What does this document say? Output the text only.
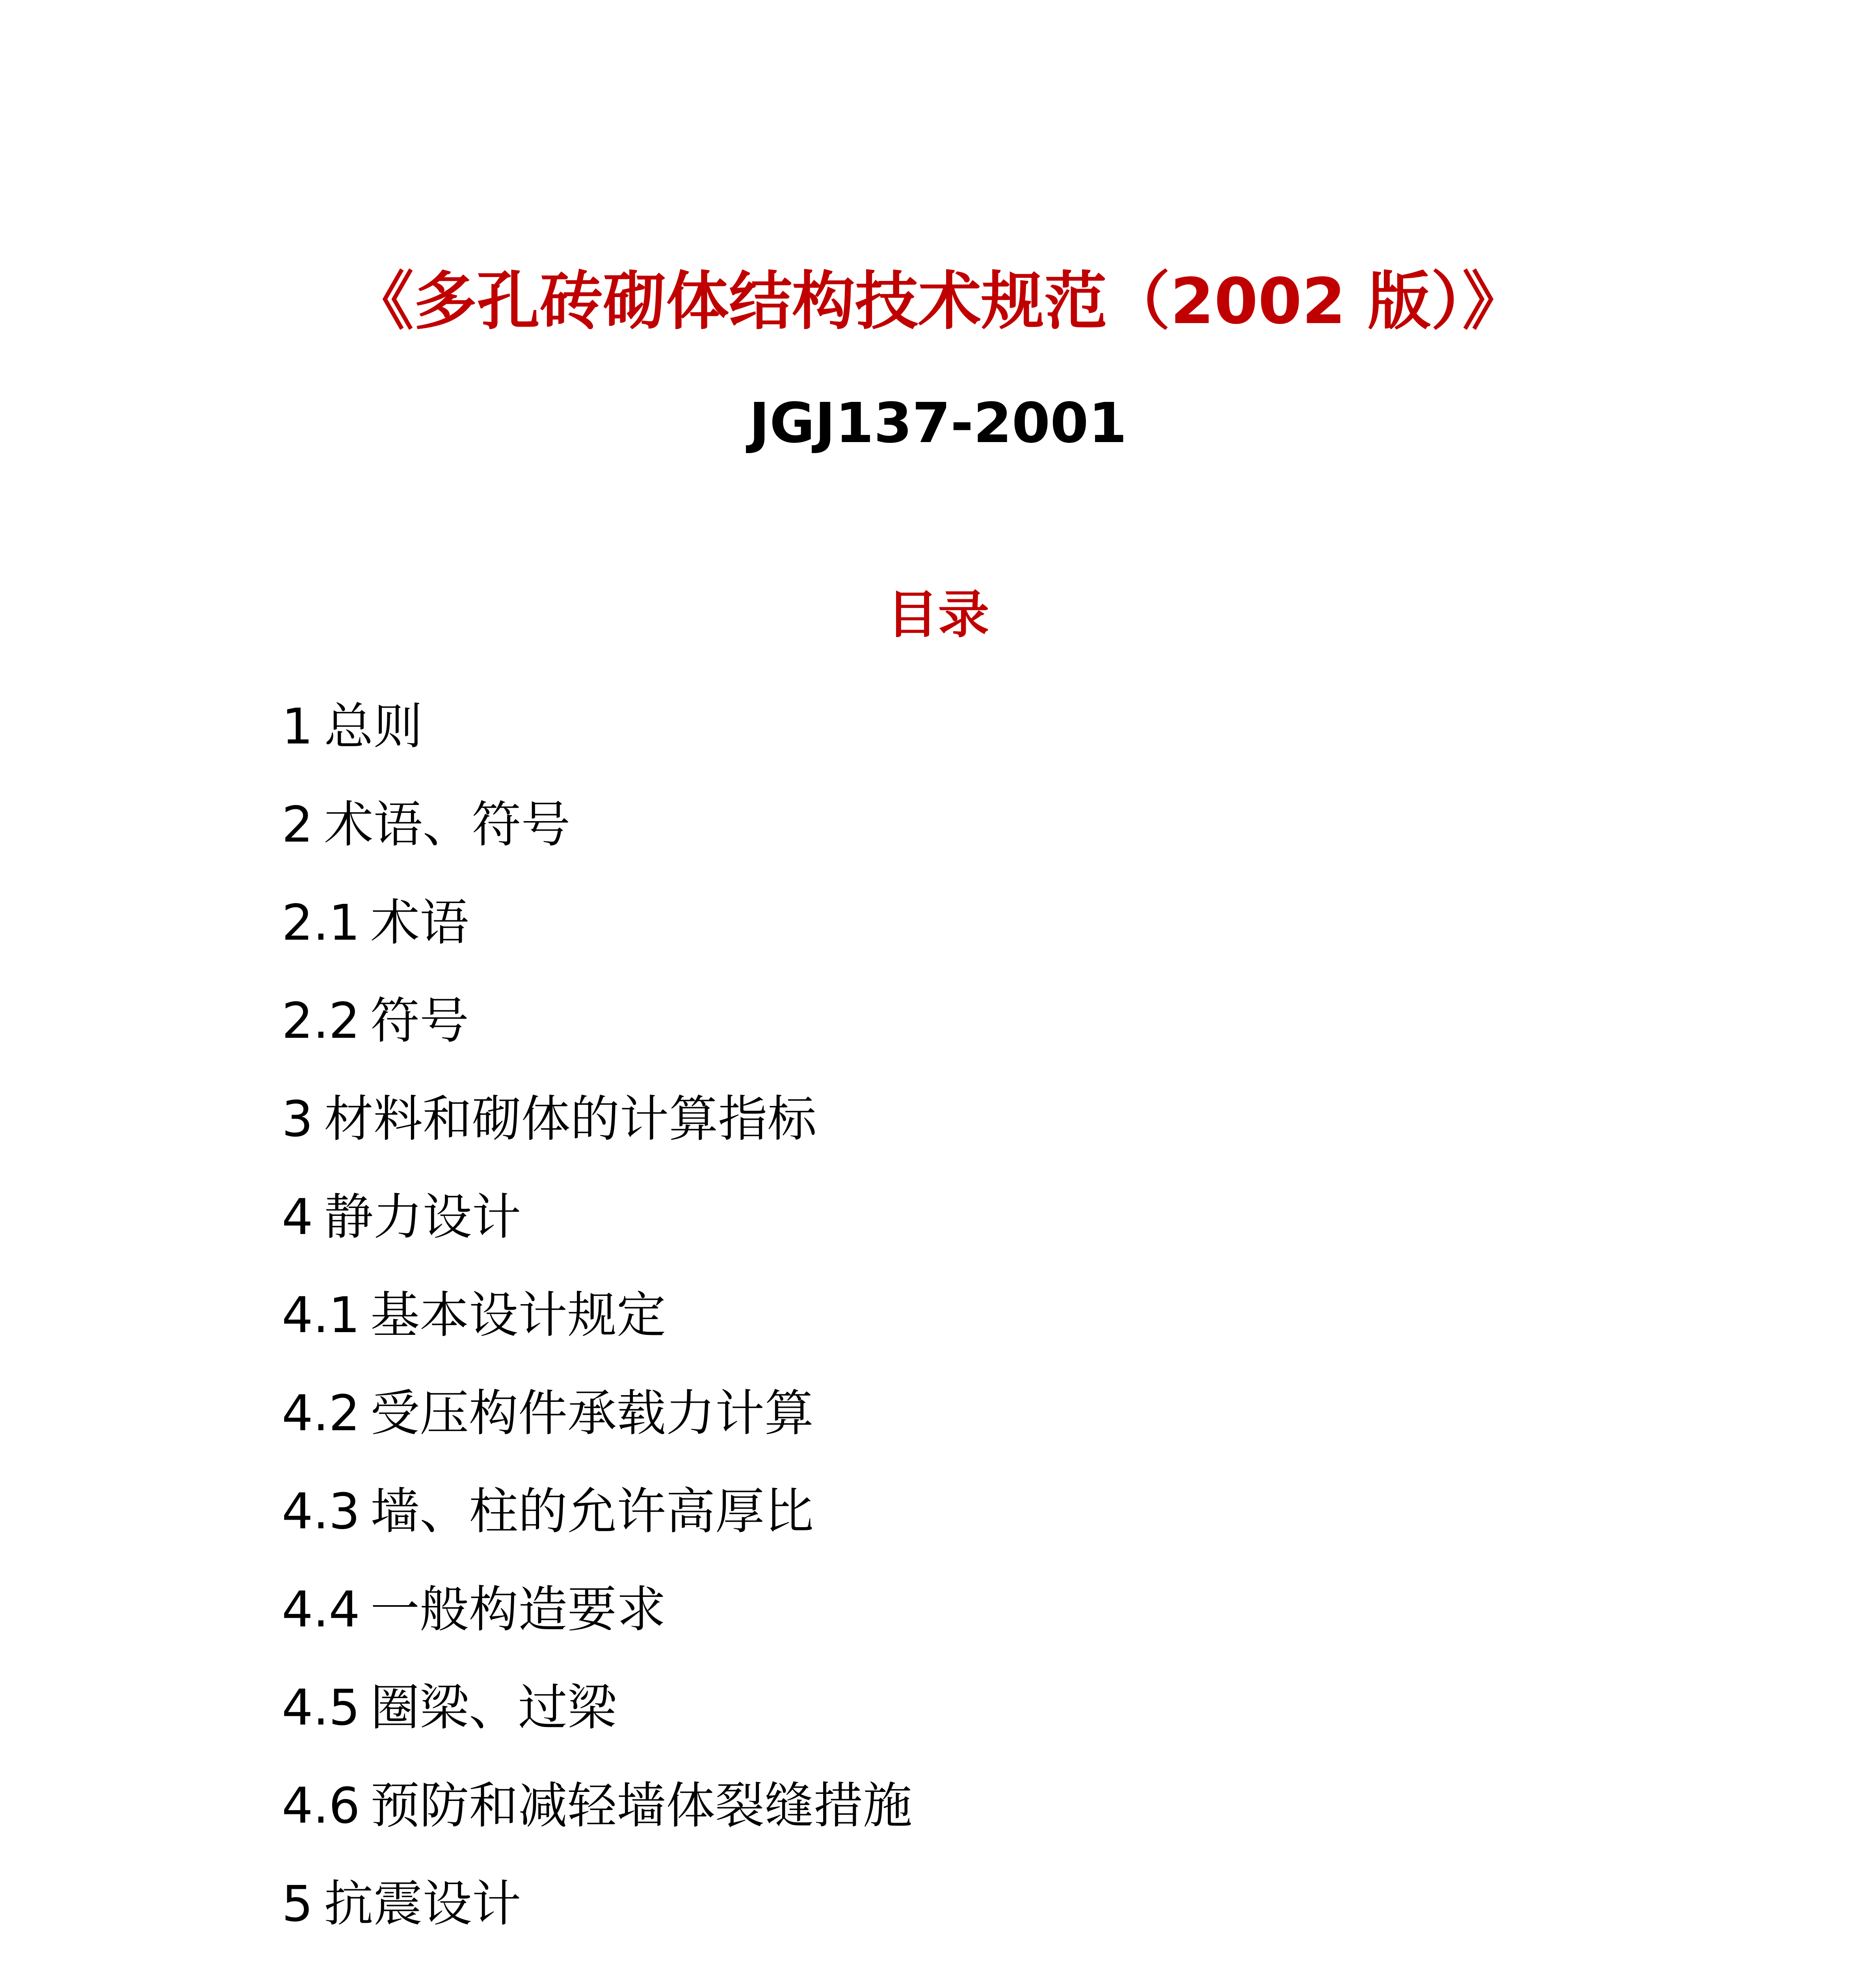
《多孔砖砌体结构技术规范（2002 版）》
JGJ137-2001
目录
1 总则
2 术语、符号
2.1 术语
2.2 符号
3 材料和砌体的计算指标
4 静力设计
4.1 基本设计规定
4.2 受压构件承载力计算
4.3 墙、柱的允许高厚比
4.4 一般构造要求
4.5 圈梁、过梁
4.6 预防和减轻墙体裂缝措施
5 抗震设计
